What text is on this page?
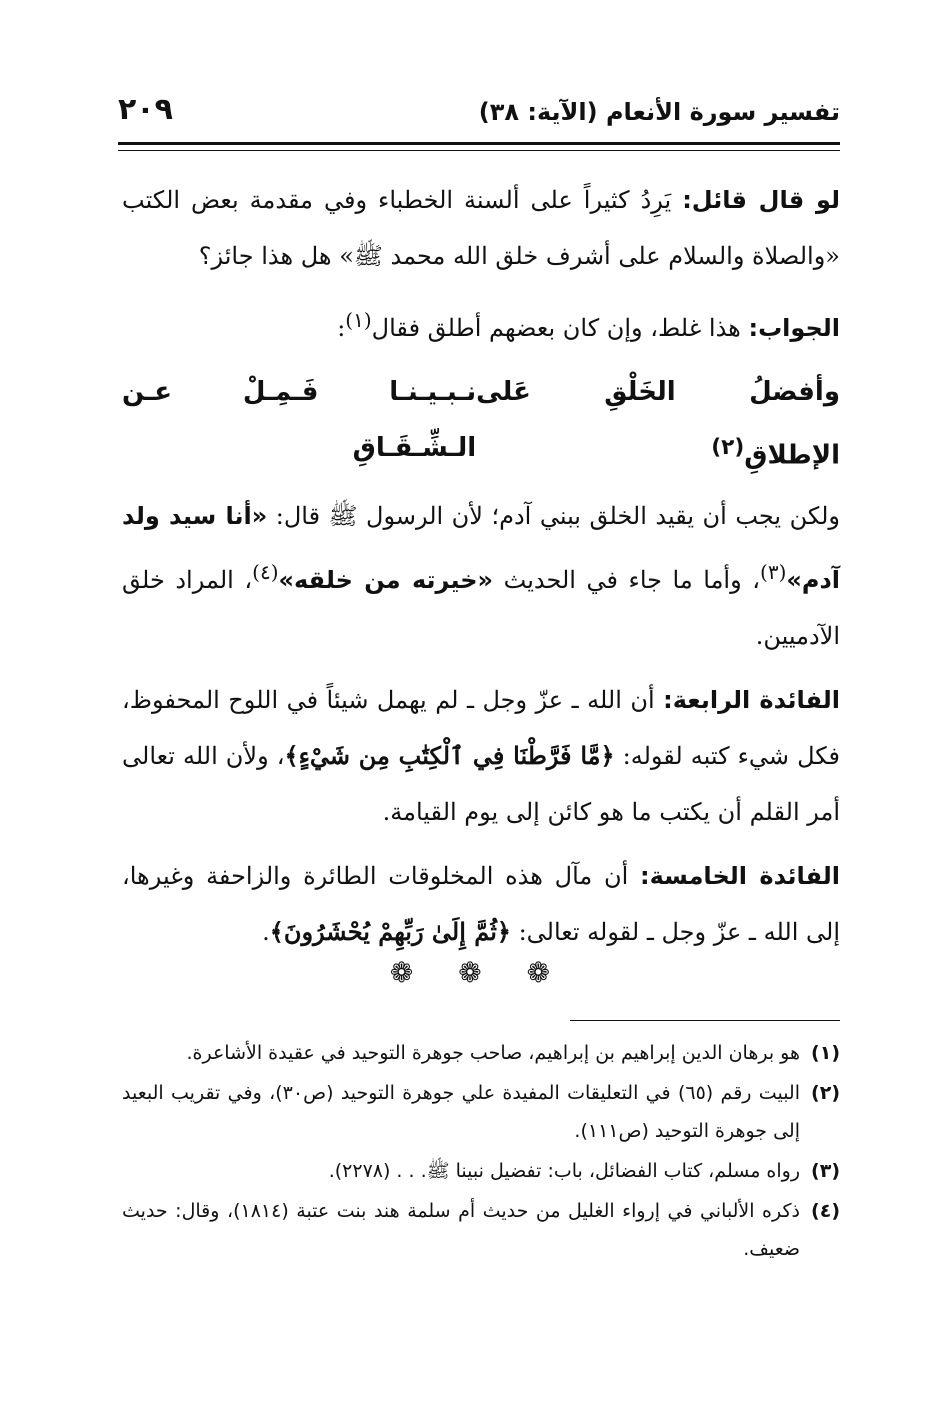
تفسير سورة الأنعام (الآية: ٣٨)
٢٠٩

لو قال قائل: يَرِدُ كثيراً على ألسنة الخطباء وفي مقدمة بعض الكتب «والصلاة والسلام على أشرف خلق الله محمد ﷺ» هل هذا جائز؟

الجواب: هذا غلط، وإن كان بعضهم أطلق فقال$^{(١)}$:

وأفضلُ الخَلْقِ عَلى الإطلاقِ$^{(٢)}$
نـبـيـنـا فَـمِـلْ عـن الـشِّـقَـاقِ

ولكن يجب أن يقيد الخلق ببني آدم؛ لأن الرسول ﷺ قال: «أنا سيد ولد آدم»$^{(٣)}$، وأما ما جاء في الحديث «خيرته من خلقه»$^{(٤)}$، المراد خلق الآدميين.

الفائدة الرابعة: أن الله ـ عزّ وجل ـ لم يهمل شيئاً في اللوح المحفوظ، فكل شيء كتبه لقوله: ﴿مَّا فَرَّطْنَا فِي ٱلْكِتَٰبِ مِن شَيْءٍ﴾، ولأن الله تعالى أمر القلم أن يكتب ما هو كائن إلى يوم القيامة.

الفائدة الخامسة: أن مآل هذه المخلوقات الطائرة والزاحفة وغيرها، إلى الله ـ عزّ وجل ـ لقوله تعالى: ﴿ثُمَّ إِلَىٰ رَبِّهِمْ يُحْشَرُونَ﴾.

❁ ❁ ❁
(١)
هو برهان الدين إبراهيم بن إبراهيم، صاحب جوهرة التوحيد في عقيدة الأشاعرة.
(٢)
البيت رقم (٦٥) في التعليقات المفيدة علي جوهرة التوحيد (ص٣٠)، وفي تقريب البعيد إلى جوهرة التوحيد (ص١١١).
(٣)
رواه مسلم، كتاب الفضائل، باب: تفضيل نبينا ﷺ. . . (٢٢٧٨).
(٤)
ذكره الألباني في إرواء الغليل من حديث أم سلمة هند بنت عتبة (١٨١٤)، وقال: حديث ضعيف.
